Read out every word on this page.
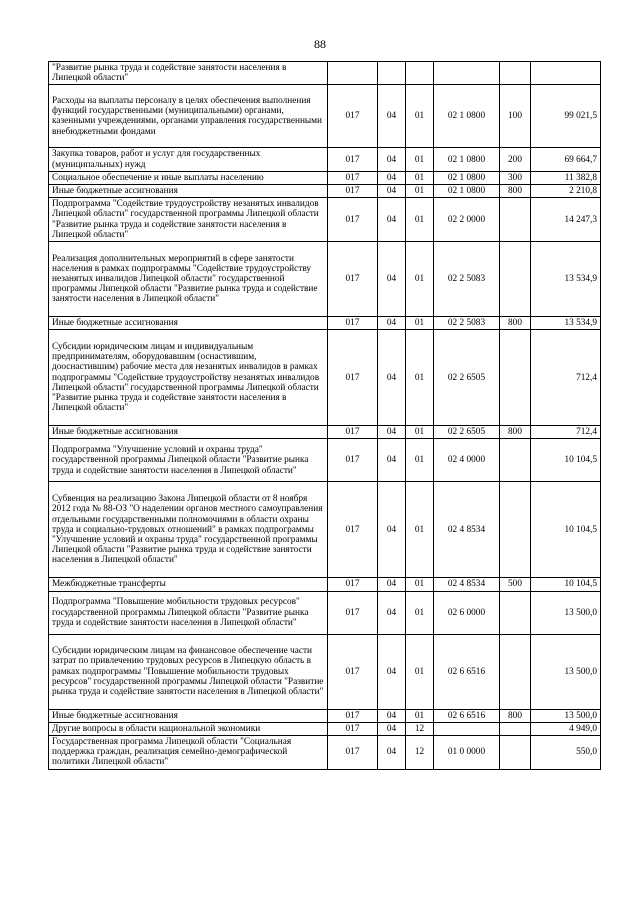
88
"Развитие рынка труда и содействие занятости населения в Липецкой области"						
Расходы на выплаты персоналу в целях обеспечения выполнения функций государственными (муниципальными) органами, казенными учреждениями, органами управления государственными внебюджетными фондами	017	04	01	02 1 0800	100	99 021,5
Закупка товаров, работ и услуг для государственных (муниципальных) нужд	017	04	01	02 1 0800	200	69 664,7
Социальное обеспечение и иные выплаты населению	017	04	01	02 1 0800	300	11 382,8
Иные бюджетные ассигнования	017	04	01	02 1 0800	800	2 210,8
Подпрограмма "Содействие трудоустройству незанятых инвалидов Липецкой области" государственной программы Липецкой области "Развитие рынка труда и содействие занятости населения в Липецкой области"	017	04	01	02 2 0000		14 247,3
Реализация дополнительных мероприятий в сфере занятости населения в рамках подпрограммы "Содействие трудоустройству незанятых инвалидов Липецкой области" государственной программы Липецкой области "Развитие рынка труда и содействие занятости населения в Липецкой области"	017	04	01	02 2 5083		13 534,9
Иные бюджетные ассигнования	017	04	01	02 2 5083	800	13 534,9
Субсидии юридическим лицам и индивидуальным предпринимателям, оборудовавшим (оснастившим, дооснастившим) рабочие места для незанятых инвалидов в рамках подпрограммы "Содействие трудоустройству незанятых инвалидов Липецкой области" государственной программы Липецкой области "Развитие рынка труда и содействие занятости населения в Липецкой области"	017	04	01	02 2 6505		712,4
Иные бюджетные ассигнования	017	04	01	02 2 6505	800	712,4
Подпрограмма "Улучшение условий и охраны труда" государственной программы Липецкой области "Развитие рынка труда и содействие занятости населения в Липецкой области"	017	04	01	02 4 0000		10 104,5
Субвенция на реализацию Закона Липецкой области от 8 ноября 2012 года № 88-ОЗ "О наделении органов местного самоуправления отдельными государственными полномочиями в области охраны труда и социально-трудовых отношений" в рамках подпрограммы "Улучшение условий и охраны труда" государственной программы Липецкой области "Развитие рынка труда и содействие занятости населения в Липецкой области"	017	04	01	02 4 8534		10 104,5
Межбюджетные трансферты	017	04	01	02 4 8534	500	10 104,5
Подпрограмма "Повышение мобильности трудовых ресурсов" государственной программы Липецкой области "Развитие рынка труда и содействие занятости населения в Липецкой области"	017	04	01	02 6 0000		13 500,0
Субсидии юридическим лицам на финансовое обеспечение части затрат по привлечению трудовых ресурсов в Липецкую область в рамках подпрограммы "Повышение мобильности трудовых ресурсов" государственной программы Липецкой области "Развитие рынка труда и содействие занятости населения в Липецкой области"	017	04	01	02 6 6516		13 500,0
Иные бюджетные ассигнования	017	04	01	02 6 6516	800	13 500,0
Другие вопросы в области национальной экономики	017	04	12			4 949,0
Государственная программа Липецкой области "Социальная поддержка граждан, реализация семейно-демографической политики Липецкой области"	017	04	12	01 0 0000		550,0
